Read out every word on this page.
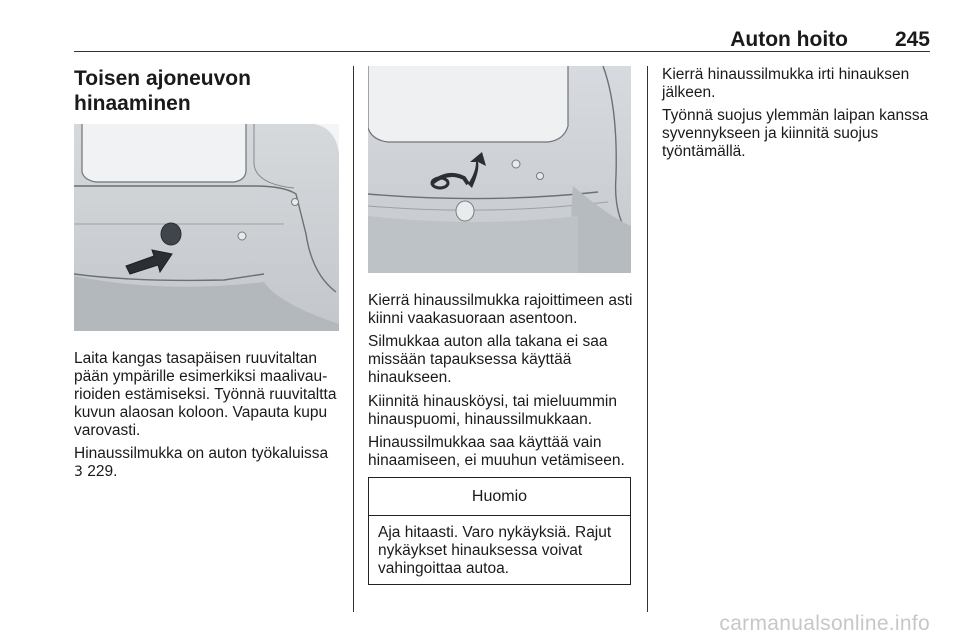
Auton hoito 245
Toisen ajoneuvon
hinaaminen

Laita kangas tasapäisen ruuvitaltan pään ympärille esimerkiksi maalivaurioiden estämiseksi. Työnnä ruuvitaltta kuvun alaosan koloon. Vapauta kupu varovasti.

Hinaussilmukka on auton työkaluissa
3 229.

Kierrä hinaussilmukka rajoittimeen asti kiinni vaakasuoraan asentoon.

Silmukkaa auton alla takana ei saa missään tapauksessa käyttää hinaukseen.

Kiinnitä hinausköysi, tai mieluummin hinauspuomi, hinaussilmukkaan.

Hinaussilmukkaa saa käyttää vain hinaamiseen, ei muuhun vetämiseen.

Huomio

Aja hitaasti. Varo nykäyksiä. Rajut nykäykset hinauksessa voivat vahingoittaa autoa.

Kierrä hinaussilmukka irti hinauksen jälkeen.

Työnnä suojus ylemmän laipan kanssa syvennykseen ja kiinnitä suojus työntämällä.

carmanualsonline.info
